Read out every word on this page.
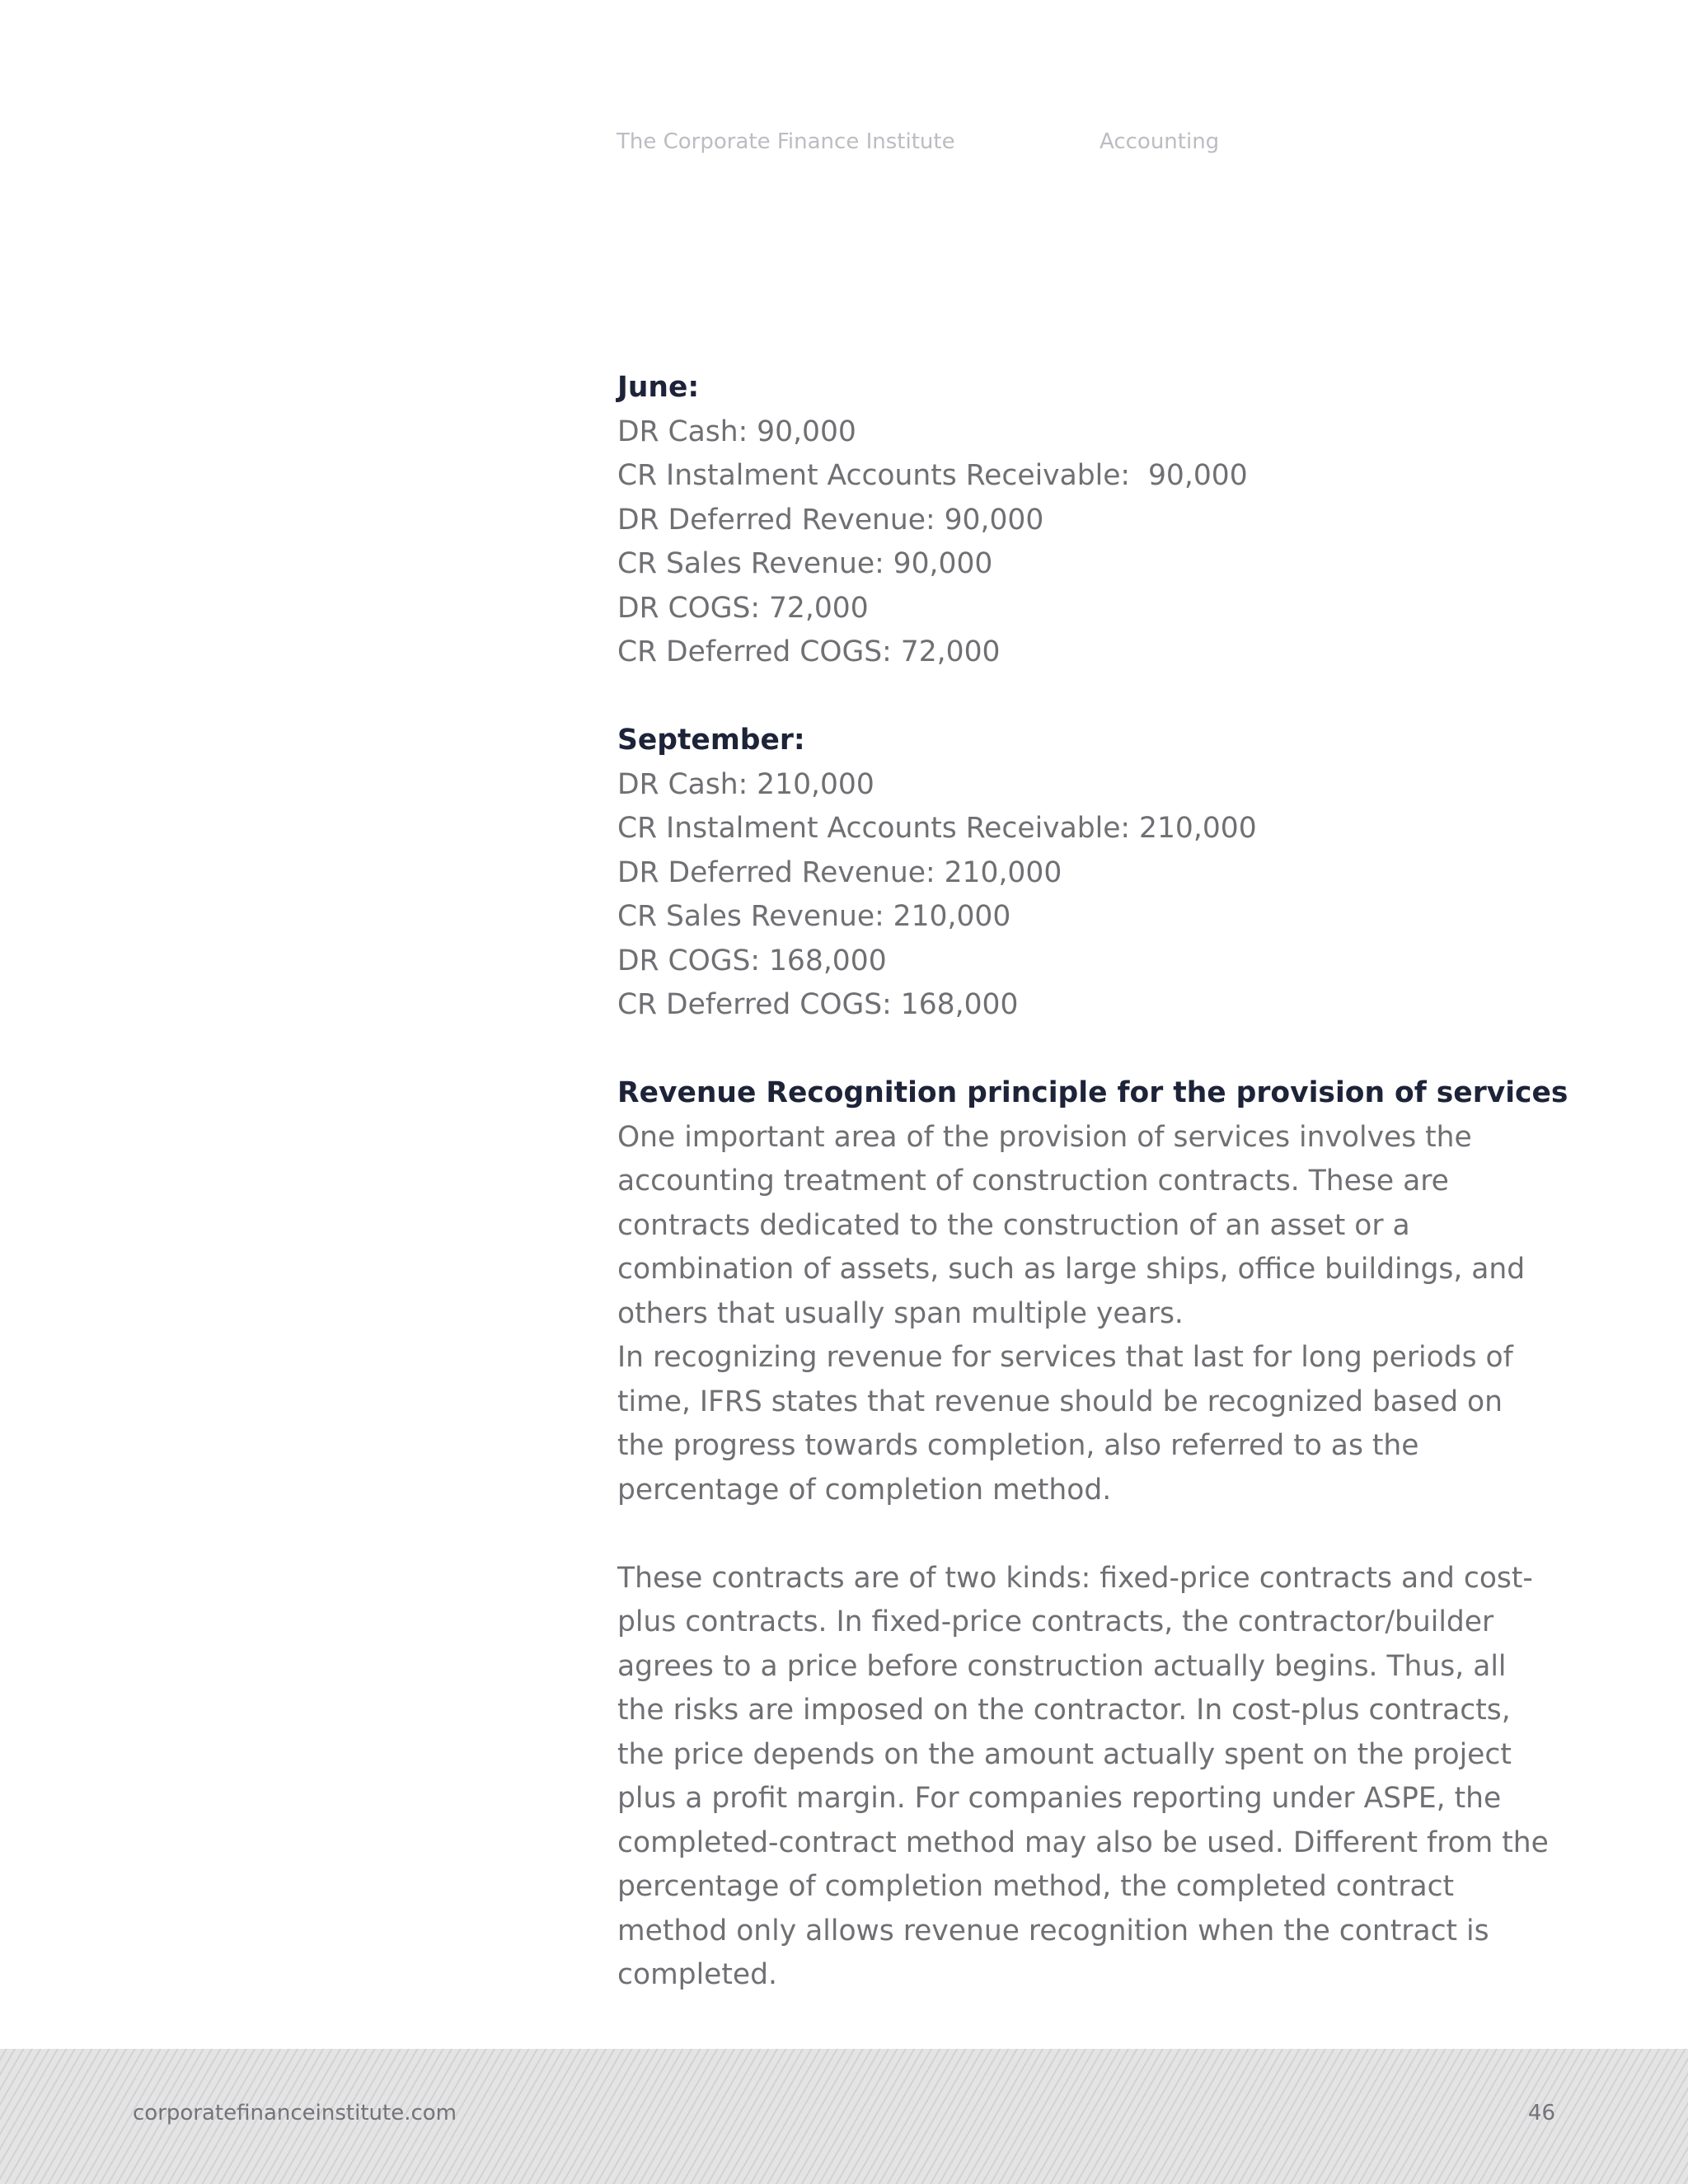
The Corporate Finance Institute	Accounting
June:
DR Cash: 90,000
CR Instalment Accounts Receivable:  90,000
DR Deferred Revenue: 90,000
CR Sales Revenue: 90,000
DR COGS: 72,000
CR Deferred COGS: 72,000
September:
DR Cash: 210,000
CR Instalment Accounts Receivable: 210,000
DR Deferred Revenue: 210,000
CR Sales Revenue: 210,000
DR COGS: 168,000
CR Deferred COGS: 168,000
Revenue Recognition principle for the provision of services

One important area of the provision of services involves the accounting treatment of construction contracts. These are contracts dedicated to the construction of an asset or a combination of assets, such as large ships, office buildings, and others that usually span multiple years.

In recognizing revenue for services that last for long periods of time, IFRS states that revenue should be recognized based on the progress towards completion, also referred to as the percentage of completion method.

These contracts are of two kinds: fixed-price contracts and cost-plus contracts. In fixed-price contracts, the contractor/builder agrees to a price before construction actually begins. Thus, all the risks are imposed on the contractor. In cost-plus contracts, the price depends on the amount actually spent on the project plus a profit margin. For companies reporting under ASPE, the completed-contract method may also be used. Different from the percentage of completion method, the completed contract method only allows revenue recognition when the contract is completed.

corporatefinanceinstitute.com	46
